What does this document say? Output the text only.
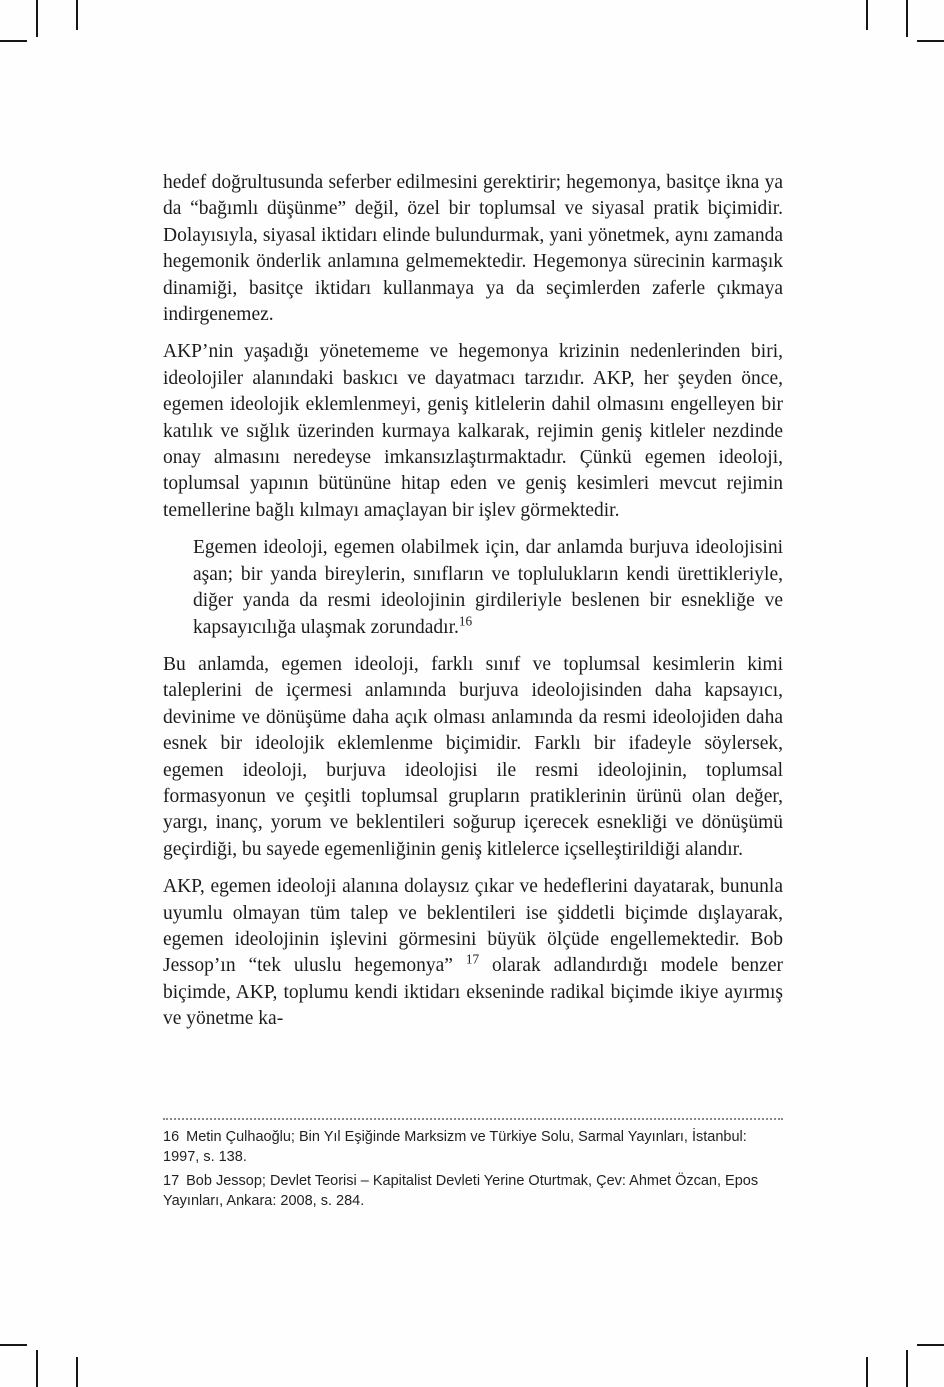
hedef doğrultusunda seferber edilmesini gerektirir; hegemonya, basitçe ikna ya da “bağımlı düşünme” değil, özel bir toplumsal ve siyasal pratik biçimidir. Dolayısıyla, siyasal iktidarı elinde bulundurmak, yani yönetmek, aynı zamanda hegemonik önderlik anlamına gelmemektedir. Hegemonya sürecinin karmaşık dinamiği, basitçe iktidarı kullanmaya ya da seçimlerden zaferle çıkmaya indirgenemez.

AKP’nin yaşadığı yönetememe ve hegemonya krizinin nedenlerinden biri, ideolojiler alanındaki baskıcı ve dayatmacı tarzıdır. AKP, her şeyden önce, egemen ideolojik eklemlenmeyi, geniş kitlelerin dahil olmasını engelleyen bir katılık ve sığlık üzerinden kurmaya kalkarak, rejimin geniş kitleler nezdinde onay almasını neredeyse imkansızlaştırmaktadır. Çünkü egemen ideoloji, toplumsal yapının bütününe hitap eden ve geniş kesimleri mevcut rejimin temellerine bağlı kılmayı amaçlayan bir işlev görmektedir.

Egemen ideoloji, egemen olabilmek için, dar anlamda burjuva ideolojisini aşan; bir yanda bireylerin, sınıfların ve toplulukların kendi ürettikleriyle, diğer yanda da resmi ideolojinin girdileriyle beslenen bir esnekliğe ve kapsayıcılığa ulaşmak zorundadır.$^{16}$

Bu anlamda, egemen ideoloji, farklı sınıf ve toplumsal kesimlerin kimi taleplerini de içermesi anlamında burjuva ideolojisinden daha kapsayıcı, devinime ve dönüşüme daha açık olması anlamında da resmi ideolojiden daha esnek bir ideolojik eklemlenme biçimidir. Farklı bir ifadeyle söylersek, egemen ideoloji, burjuva ideolojisi ile resmi ideolojinin, toplumsal formasyonun ve çeşitli toplumsal grupların pratiklerinin ürünü olan değer, yargı, inanç, yorum ve beklentileri soğurup içerecek esnekliği ve dönüşümü geçirdiği, bu sayede egemenliğinin geniş kitlelerce içselleştirildiği alandır.

AKP, egemen ideoloji alanına dolaysız çıkar ve hedeflerini dayatarak, bununla uyumlu olmayan tüm talep ve beklentileri ise şiddetli biçimde dışlayarak, egemen ideolojinin işlevini görmesini büyük ölçüde engellemektedir. Bob Jessop’ın “tek uluslu hegemonya” $^{17}$ olarak adlandırdığı modele benzer biçimde, AKP, toplumu kendi iktidarı ekseninde radikal biçimde ikiye ayırmış ve yönetme ka-

16 Metin Çulhaoğlu; Bin Yıl Eşiğinde Marksizm ve Türkiye Solu, Sarmal Yayınları, İstanbul: 1997, s. 138.

17 Bob Jessop; Devlet Teorisi – Kapitalist Devleti Yerine Oturtmak, Çev: Ahmet Özcan, Epos Yayınları, Ankara: 2008, s. 284.
